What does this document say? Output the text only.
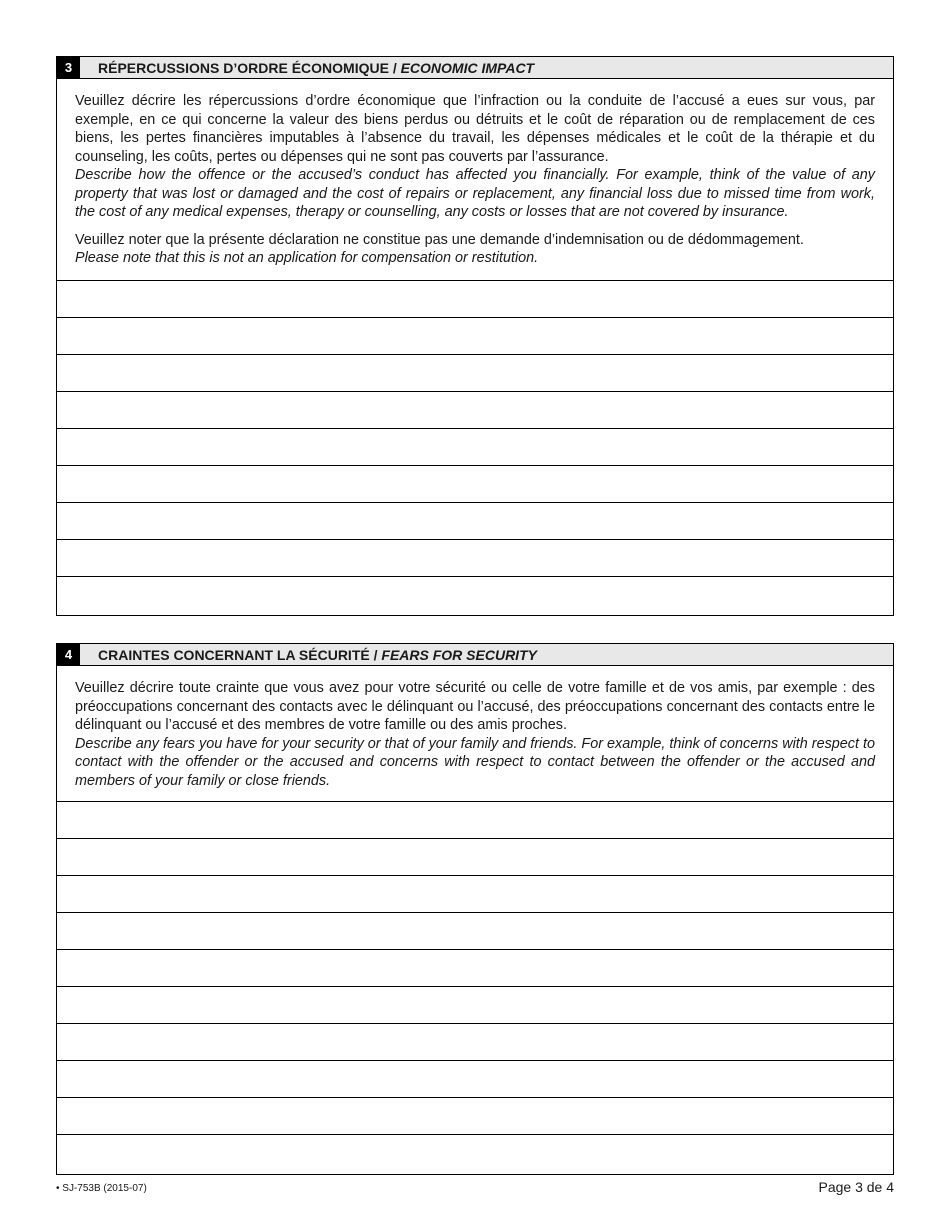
3	RÉPERCUSSIONS D’ORDRE ÉCONOMIQUE / ECONOMIC IMPACT

Veuillez décrire les répercussions d’ordre économique que l’infraction ou la conduite de l’accusé a eues sur vous, par exemple, en ce qui concerne la valeur des biens perdus ou détruits et le coût de réparation ou de remplacement de ces biens, les pertes financières imputables à l’absence du travail, les dépenses médicales et le coût de la thérapie et du counseling, les coûts, pertes ou dépenses qui ne sont pas couverts par l’assurance.

Describe how the offence or the accused’s conduct has affected you financially. For example, think of the value of any property that was lost or damaged and the cost of repairs or replacement, any financial loss due to missed time from work, the cost of any medical expenses, therapy or counselling, any costs or losses that are not covered by insurance.

Veuillez noter que la présente déclaration ne constitue pas une demande d’indemnisation ou de dédommagement.

Please note that this is not an application for compensation or restitution.

4	CRAINTES CONCERNANT LA SÉCURITÉ / FEARS FOR SECURITY

Veuillez décrire toute crainte que vous avez pour votre sécurité ou celle de votre famille et de vos amis, par exemple : des préoccupations concernant des contacts avec le délinquant ou l’accusé, des préoccupations concernant des contacts entre le délinquant ou l’accusé et des membres de votre famille ou des amis proches.

Describe any fears you have for your security or that of your family and friends. For example, think of concerns with respect to contact with the offender or the accused and concerns with respect to contact between the offender or the accused and members of your family or close friends.

• SJ-753B (2015-07)	Page 3 de 4
